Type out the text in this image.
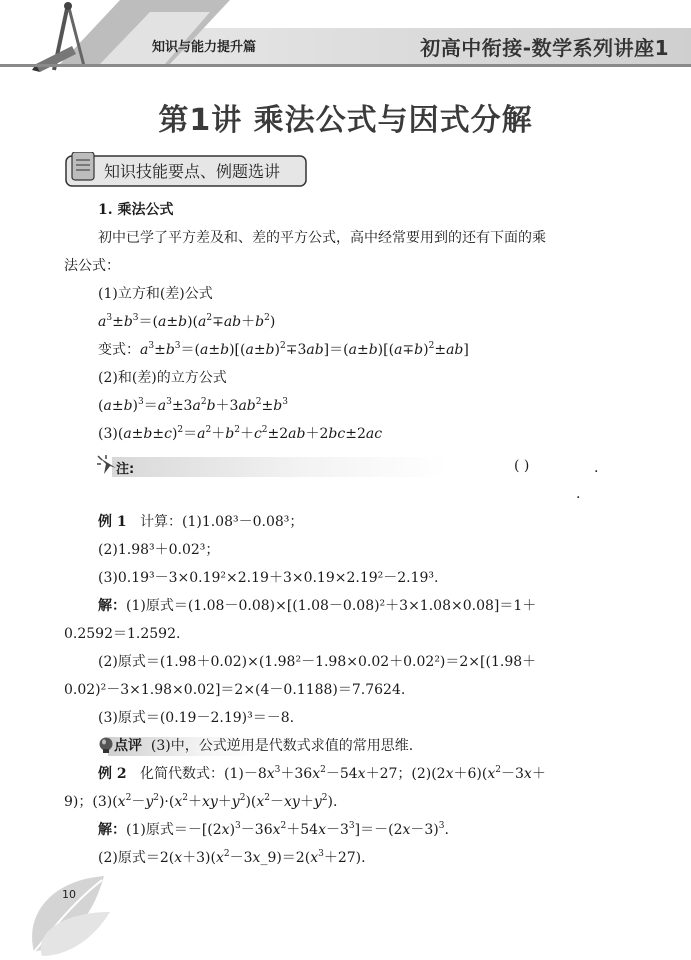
知识与能力提升篇	初高中衔接-数学系列讲座1
第1讲 乘法公式与因式分解
知识技能要点、例题选讲
1. 乘法公式
初中已学了平方差及和、差的平方公式，高中经常要用到的还有下面的乘
法公式：
(1)立方和(差)公式
$a^3\pm b^3=(a\pm b)(a^2\mp ab+b^2)$
变式：$a^3\pm b^3=(a\pm b)[(a\pm b)^2\mp 3ab]=(a\pm b)[(a\mp b)^2\pm ab]$
(2)和(差)的立方公式
$(a\pm b)^3=a^3\pm 3a^2b+3ab^2\pm b^3$
$(3)(a\pm b\pm c)^2=a^2+b^2+c^2\pm 2ab+2bc\pm 2ac$
注:	( )	.
.
例 1 计算：(1)1.08³－0.08³；
(2)1.98³＋0.02³；
(3)0.19³－3×0.19²×2.19＋3×0.19×2.19²－2.19³.
解：(1)原式＝(1.08－0.08)×[(1.08－0.08)²＋3×1.08×0.08]＝1＋
0.2592＝1.2592.
(2)原式＝(1.98＋0.02)×(1.98²－1.98×0.02＋0.02²)＝2×[(1.98＋
0.02)²－3×1.98×0.02]＝2×(4－0.1188)＝7.7624.
(3)原式＝(0.19－2.19)³＝－8.
点评 (3)中，公式逆用是代数式求值的常用思维.
例 2 化简代数式：$(1)-8x^3+36x^2-54x+27$；$(2)(2x+6)(x^2-3x+$
9)；$(3)(x^2-y^2)\cdot(x^2+xy+y^2)(x^2-xy+y^2)$.
解：(1)原式$=-[(2x)^3-36x^2+54x-3^3]=-(2x-3)^3$.
(2)原式$=2(x+3)(x^2-3x\_9)=2(x^3+27)$.
10
